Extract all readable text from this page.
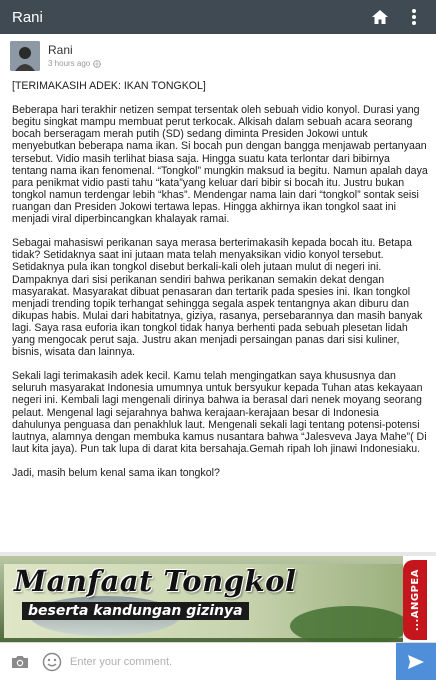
Rani
Rani
3 hours ago

[TERIMAKASIH ADEK: IKAN TONGKOL]

Beberapa hari terakhir netizen sempat tersentak oleh sebuah vidio konyol. Durasi yang begitu singkat mampu membuat perut terkocak. Alkisah dalam sebuah acara seorang bocah berseragam merah putih (SD) sedang diminta Presiden Jokowi untuk menyebutkan beberapa nama ikan. Si bocah pun dengan bangga menjawab pertanyaan tersebut. Vidio masih terlihat biasa saja. Hingga suatu kata terlontar dari bibirnya tentang nama ikan fenomenal. “Tongkol” mungkin maksud ia begitu. Namun apalah daya para penikmat vidio pasti tahu “kata”yang keluar dari bibir si bocah itu. Justru bukan tongkol namun terdengar lebih “khas”. Mendengar nama lain dari “tongkol” sontak seisi ruangan dan Presiden Jokowi tertawa lepas. Hingga akhirnya ikan tongkol saat ini menjadi viral diperbincangkan khalayak ramai.

Sebagai mahasiswi perikanan saya merasa berterimakasih kepada bocah itu. Betapa tidak? Setidaknya saat ini jutaan mata telah menyaksikan vidio konyol tersebut. Setidaknya pula ikan tongkol disebut berkali-kali oleh jutaan mulut di negeri ini. Dampaknya dari sisi perikanan sendiri bahwa perikanan semakin dekat dengan masyarakat. Masyarakat dibuat penasaran dan tertarik pada spesies ini. Ikan tongkol menjadi trending topik terhangat sehingga segala aspek tentangnya akan diburu dan dikupas habis. Mulai dari habitatnya, giziya, rasanya, persebarannya dan masih banyak lagi. Saya rasa euforia ikan tongkol tidak hanya berhenti pada sebuah plesetan lidah yang mengocak perut saja. Justru akan menjadi persaingan panas dari sisi kuliner, bisnis, wisata dan lainnya.

Sekali lagi terimakasih adek kecil. Kamu telah mengingatkan saya khususnya dan seluruh masyarakat Indonesia umumnya untuk bersyukur kepada Tuhan atas kekayaan negeri ini. Kembali lagi mengenali dirinya bahwa ia berasal dari nenek moyang seorang pelaut. Mengenal lagi sejarahnya bahwa kerajaan-kerajaan besar di Indonesia dahulunya penguasa dan penakhluk laut. Mengenali sekali lagi tentang potensi-potensi lautnya, alamnya dengan membuka kamus nusantara bahwa “Jalesveva Jaya Mahe”( Di laut kita jaya). Pun tak lupa di darat kita bersahaja.Gemah ripah loh jinawi Indonesiaku.

Jadi, masih belum kenal sama ikan tongkol?

Manfaat Tongkol
beserta kandungan gizinya	...ANGPEA
Enter your comment.
